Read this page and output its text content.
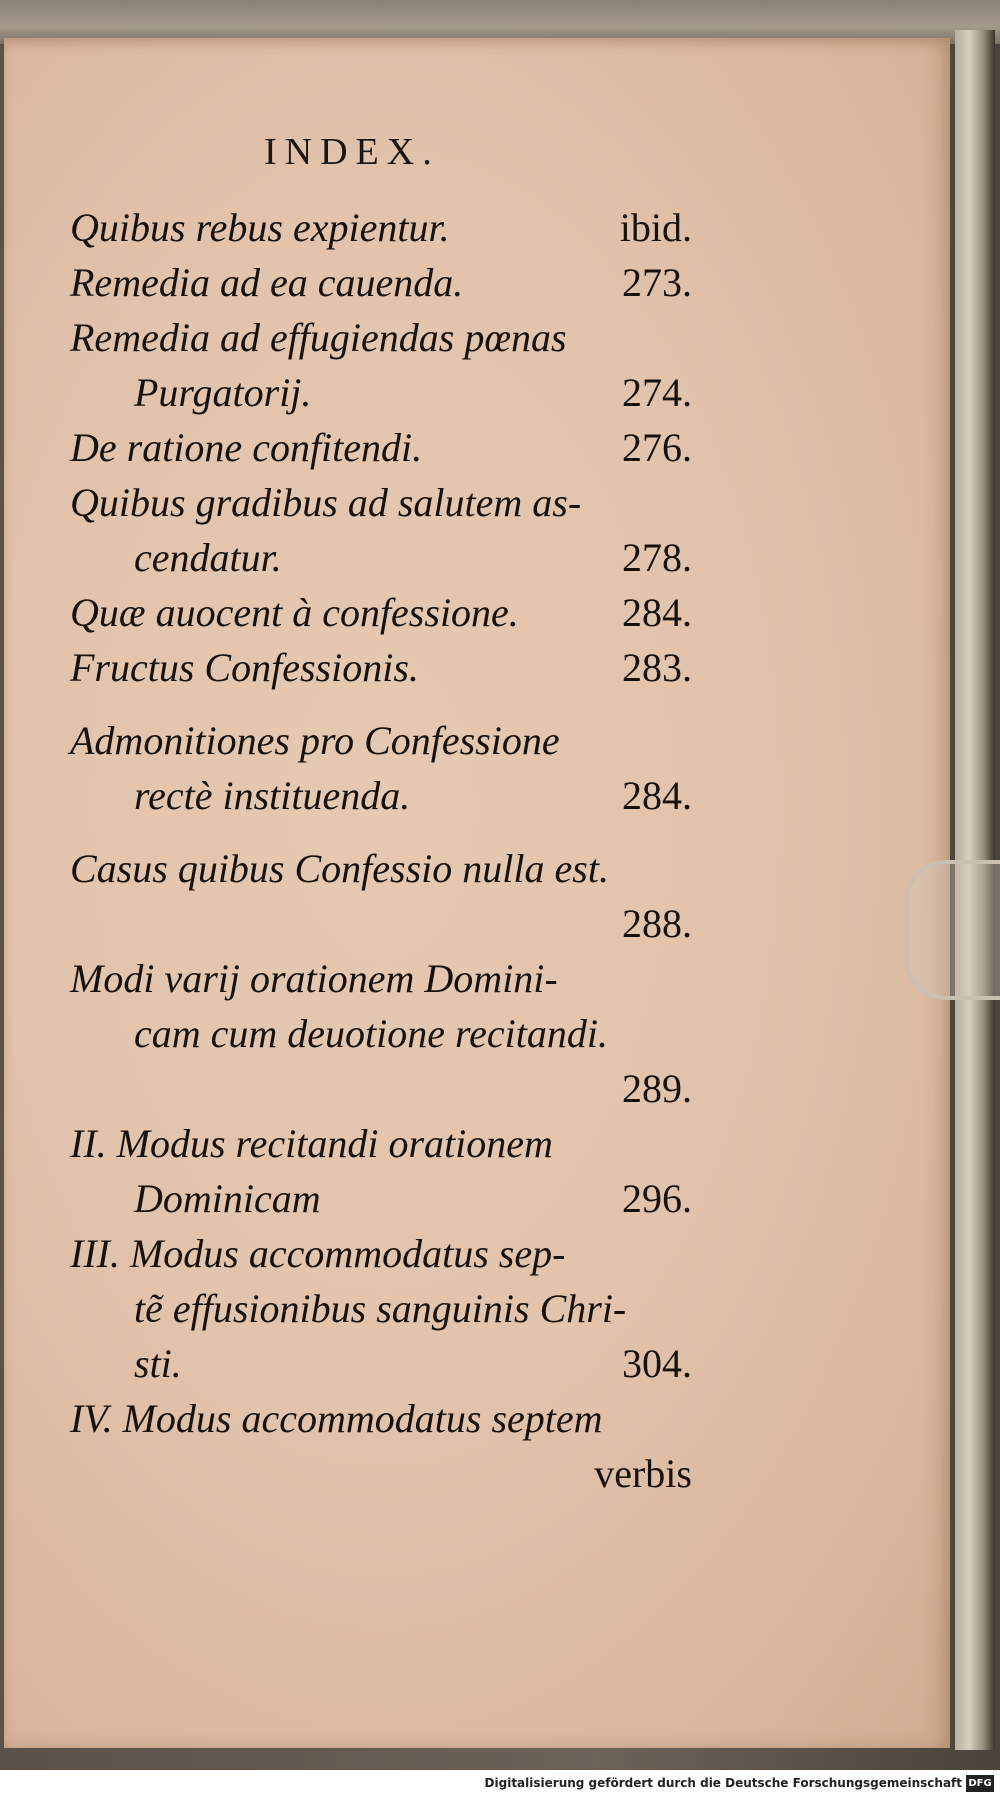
INDEX.
Quibus rebus expientur.	ibid.
Remedia ad ea cauenda.	273.
Remedia ad effugiendas pœnas
Purgatorij.	274.
De ratione confitendi.	276.
Quibus gradibus ad salutem as-
cendatur.	278.
Quæ auocent à confessione.	284.
Fructus Confessionis.	283.
Admonitiones pro Confessione
rectè instituenda.	284.
Casus quibus Confessio nulla est.
288.
Modi varij orationem Domini-
cam cum deuotione recitandi.
289.
II. Modus recitandi orationem
Dominicam	296.
III. Modus accommodatus sep-
tẽ effusionibus sanguinis Chri-
sti.	304.
IV. Modus accommodatus septem
verbis
Digitalisierung gefördert durch die Deutsche Forschungsgemeinschaft DFG
